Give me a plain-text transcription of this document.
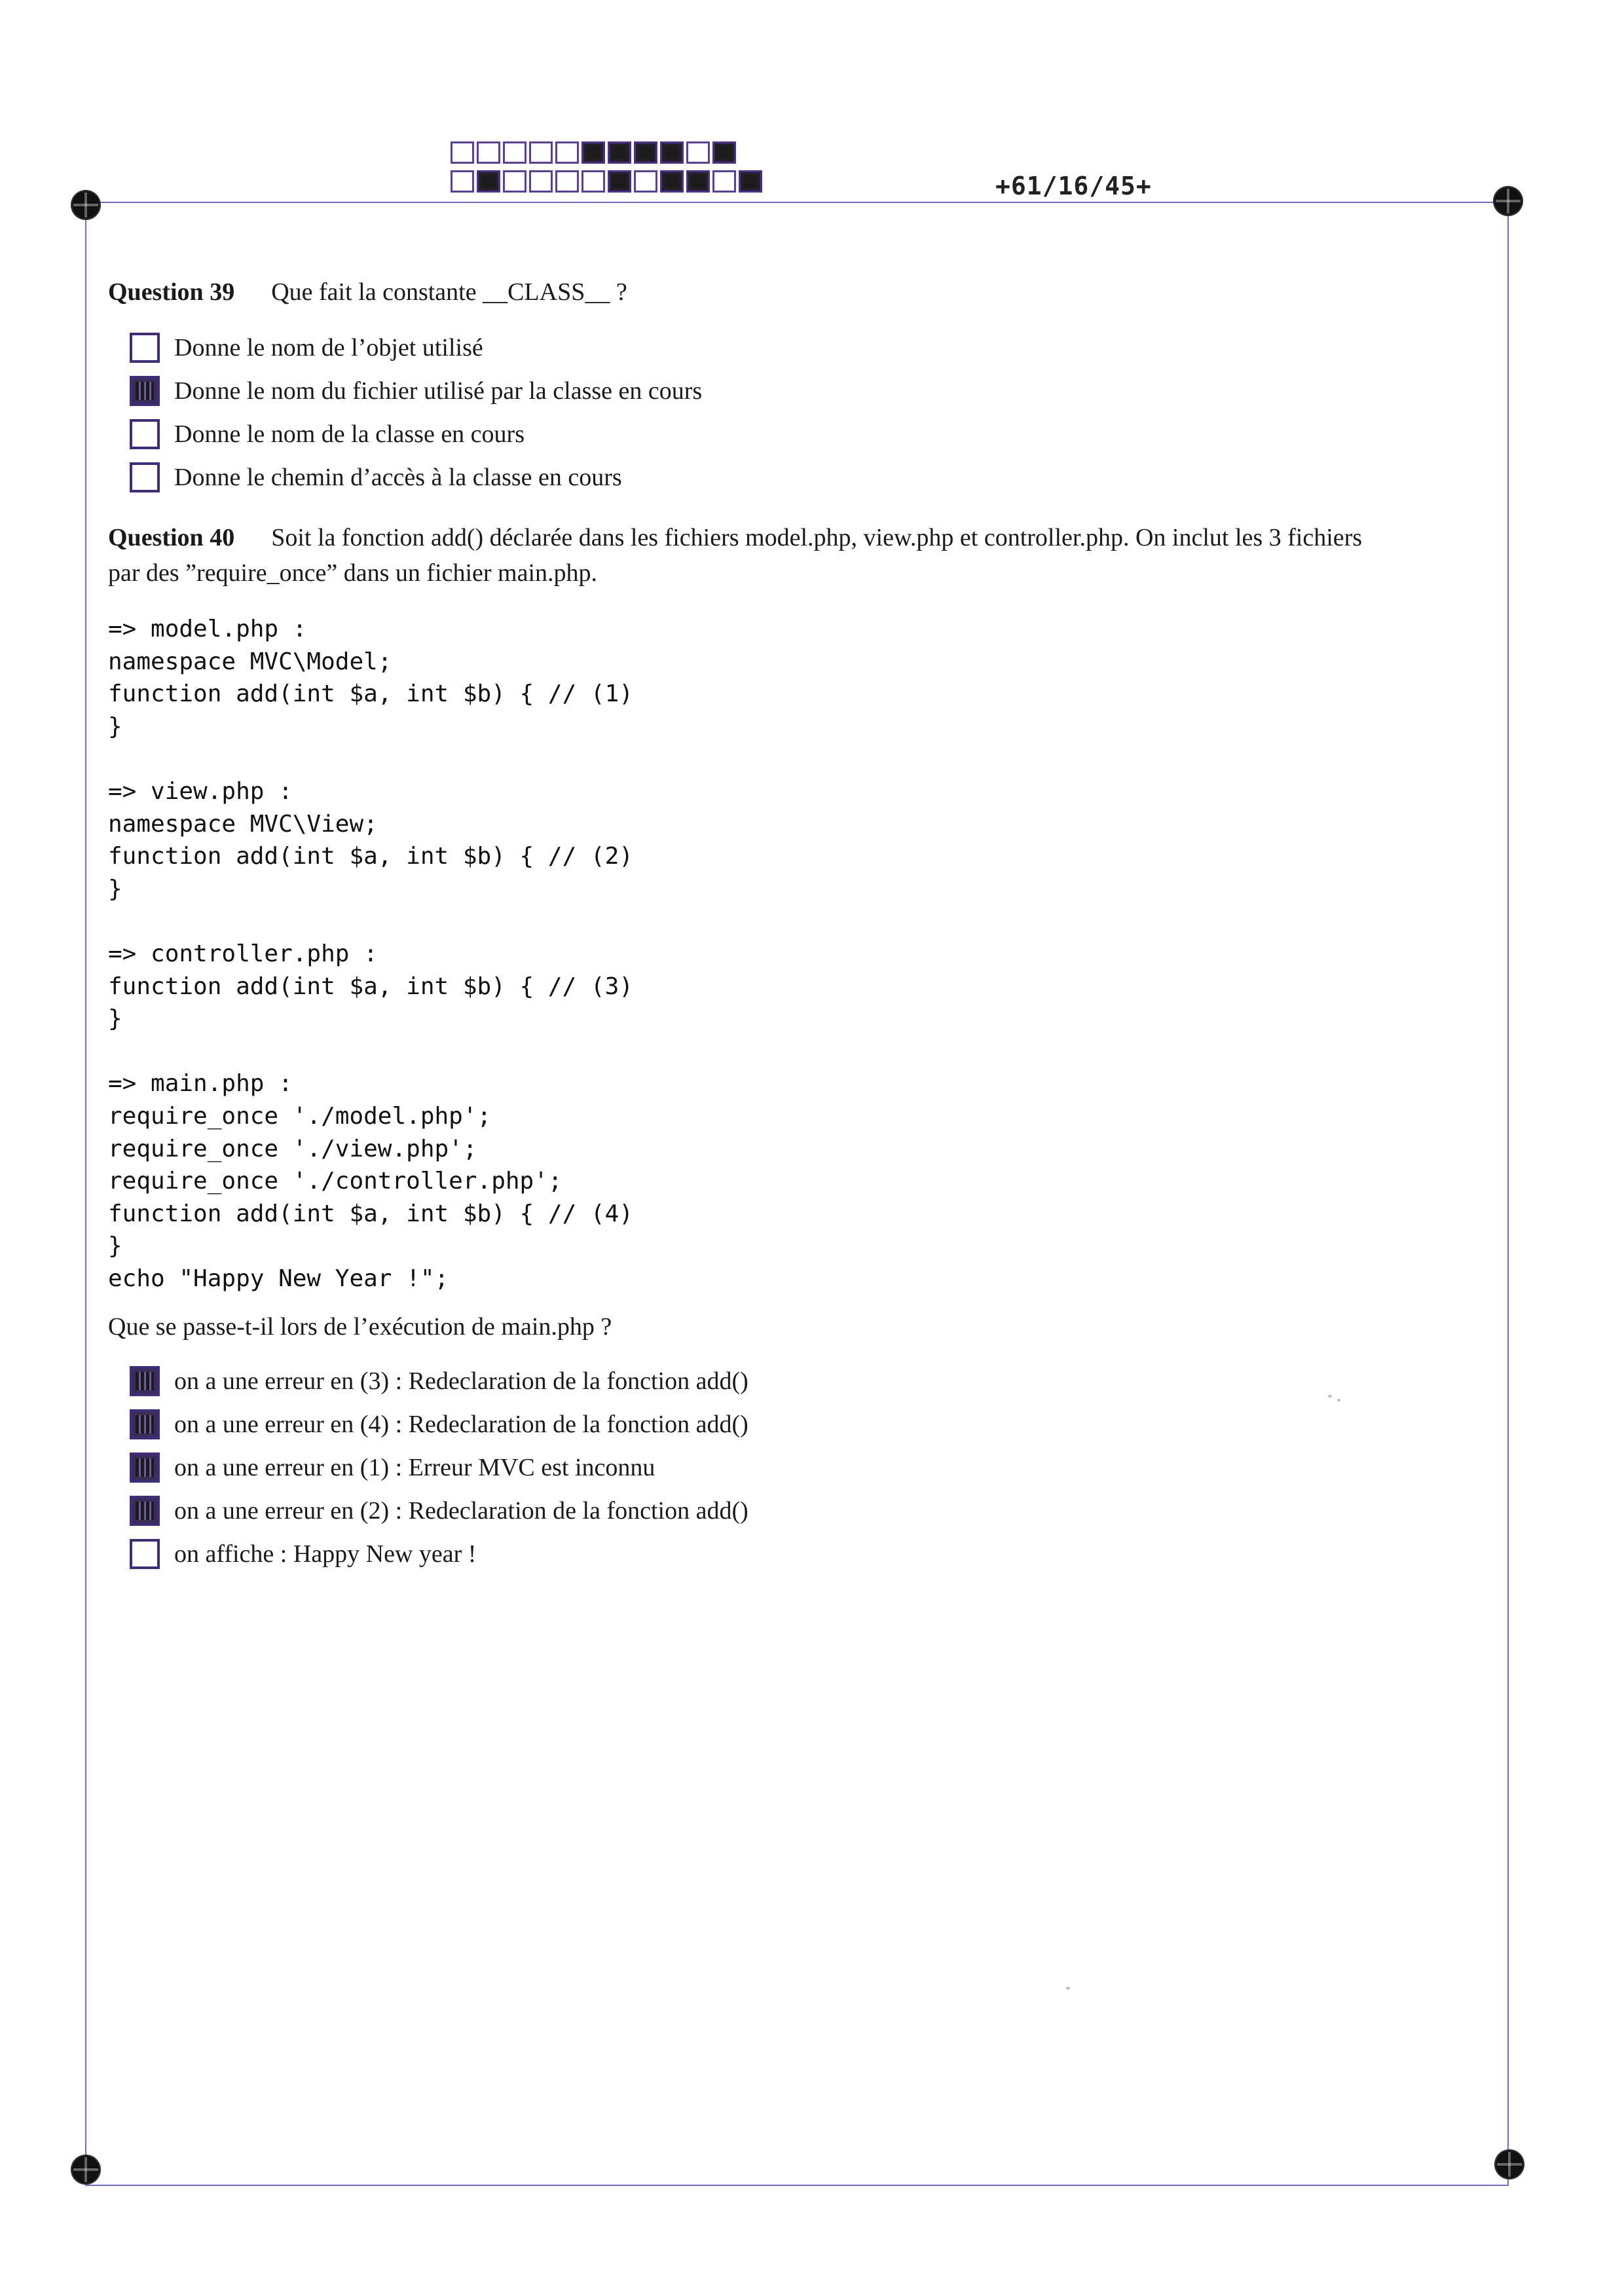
+61/16/45+
Question 39 Que fait la constante __CLASS__ ?
Donne le nom de l’objet utilisé
Donne le nom du fichier utilisé par la classe en cours
Donne le nom de la classe en cours
Donne le chemin d’accès à la classe en cours
Question 40 Soit la fonction add() déclarée dans les fichiers model.php, view.php et controller.php. On inclut les 3 fichiers
par des ”require_once” dans un fichier main.php.
=> model.php :
namespace MVC\Model;
function add(int $a, int $b) { // (1)
}
=> view.php :
namespace MVC\View;
function add(int $a, int $b) { // (2)
}
=> controller.php :
function add(int $a, int $b) { // (3)
}
=> main.php :
require_once './model.php';
require_once './view.php';
require_once './controller.php';
function add(int $a, int $b) { // (4)
}
echo "Happy New Year !";
Que se passe-t-il lors de l’exécution de main.php ?
on a une erreur en (3) : Redeclaration de la fonction add()
on a une erreur en (4) : Redeclaration de la fonction add()
on a une erreur en (1) : Erreur MVC est inconnu
on a une erreur en (2) : Redeclaration de la fonction add()
on affiche : Happy New year !
